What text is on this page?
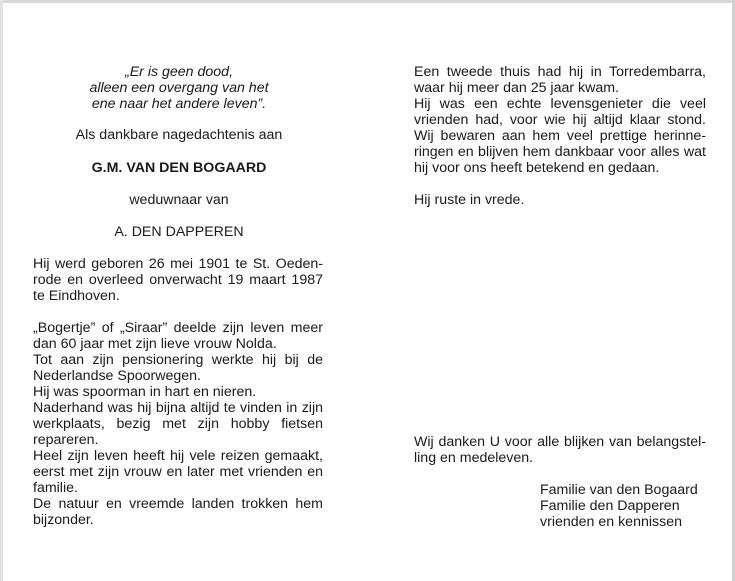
„Er is geen dood,

alleen een overgang van het

ene naar het andere leven”.

Als dankbare nagedachtenis aan

G.M. VAN DEN BOGAARD

weduwnaar van

A. DEN DAPPEREN

Hij werd geboren 26 mei 1901 te St. Oeden-

rode en overleed onverwacht 19 maart 1987

te Eindhoven.

„Bogertje” of „Siraar” deelde zijn leven meer

dan 60 jaar met zijn lieve vrouw Nolda.

Tot aan zijn pensionering werkte hij bij de

Nederlandse Spoorwegen.

Hij was spoorman in hart en nieren.

Naderhand was hij bijna altijd te vinden in zijn

werkplaats, bezig met zijn hobby fietsen

repareren.

Heel zijn leven heeft hij vele reizen gemaakt,

eerst met zijn vrouw en later met vrienden en

familie.

De natuur en vreemde landen trokken hem

bijzonder.

Een tweede thuis had hij in Torredembarra,

waar hij meer dan 25 jaar kwam.

Hij was een echte levensgenieter die veel

vrienden had, voor wie hij altijd klaar stond.

Wij bewaren aan hem veel prettige herinne-

ringen en blijven hem dankbaar voor alles wat

hij voor ons heeft betekend en gedaan.

Hij ruste in vrede.

Wij danken U voor alle blijken van belangstel-

ling en medeleven.

Familie van den Bogaard

Familie den Dapperen

vrienden en kennissen
